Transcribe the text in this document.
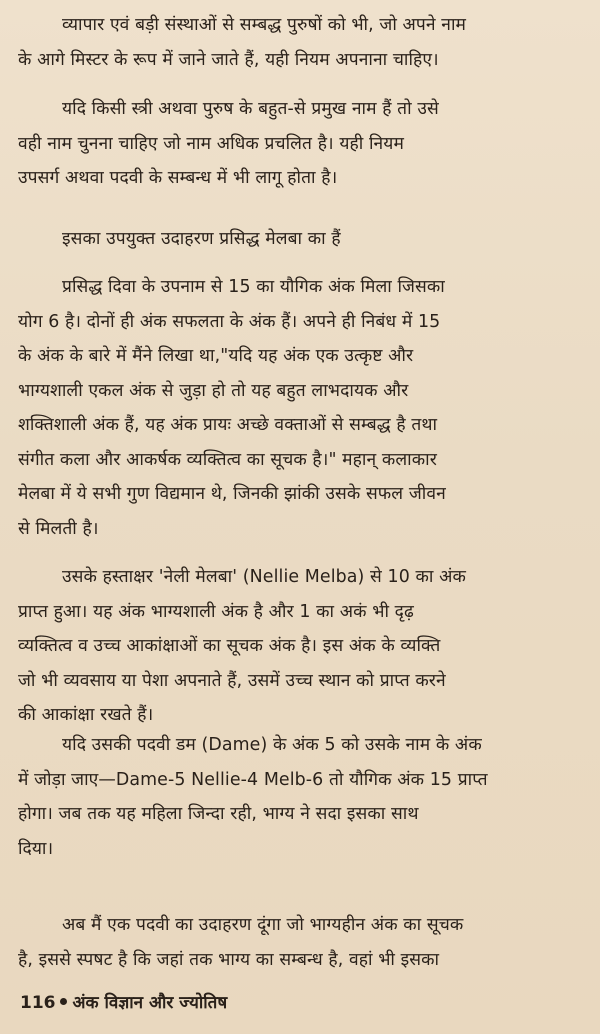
व्यापार एवं बड़ी संस्थाओं से सम्बद्ध पुरुषों को भी, जो अपने नाम
के आगे मिस्टर के रूप में जाने जाते हैं, यही नियम अपनाना चाहिए।
यदि किसी स्त्री अथवा पुरुष के बहुत-से प्रमुख नाम हैं तो उसे
वही नाम चुनना चाहिए जो नाम अधिक प्रचलित है। यही नियम
उपसर्ग अथवा पदवी के सम्बन्ध में भी लागू होता है।
इसका उपयुक्त उदाहरण प्रसिद्ध मेलबा का हैं
प्रसिद्ध दिवा के उपनाम से 15 का यौगिक अंक मिला जिसका
योग 6 है। दोनों ही अंक सफलता के अंक हैं। अपने ही निबंध में 15
के अंक के बारे में मैंने लिखा था,"यदि यह अंक एक उत्कृष्ट और
भाग्यशाली एकल अंक से जुड़ा हो तो यह बहुत लाभदायक और
शक्तिशाली अंक हैं, यह अंक प्रायः अच्छे वक्ताओं से सम्बद्ध है तथा
संगीत कला और आकर्षक व्यक्तित्व का सूचक है।" महान् कलाकार
मेलबा में ये सभी गुण विद्यमान थे, जिनकी झांकी उसके सफल जीवन
से मिलती है।
उसके हस्ताक्षर 'नेली मेलबा' (Nellie Melba) से 10 का अंक
प्राप्त हुआ। यह अंक भाग्यशाली अंक है और 1 का अकं भी दृढ़
व्यक्तित्व व उच्च आकांक्षाओं का सूचक अंक है। इस अंक के व्यक्ति
जो भी व्यवसाय या पेशा अपनाते हैं, उसमें उच्च स्थान को प्राप्त करने
की आकांक्षा रखते हैं।
यदि उसकी पदवी डम (Dame) के अंक 5 को उसके नाम के अंक
में जोड़ा जाए—Dame-5 Nellie-4 Melb-6 तो यौगिक अंक 15 प्राप्त
होगा। जब तक यह महिला जिन्दा रही, भाग्य ने सदा इसका साथ
दिया।
अब मैं एक पदवी का उदाहरण दूंगा जो भाग्यहीन अंक का सूचक
है, इससे स्पषट है कि जहां तक भाग्य का सम्बन्ध है, वहां भी इसका
116 अंक विज्ञान और ज्योतिष
